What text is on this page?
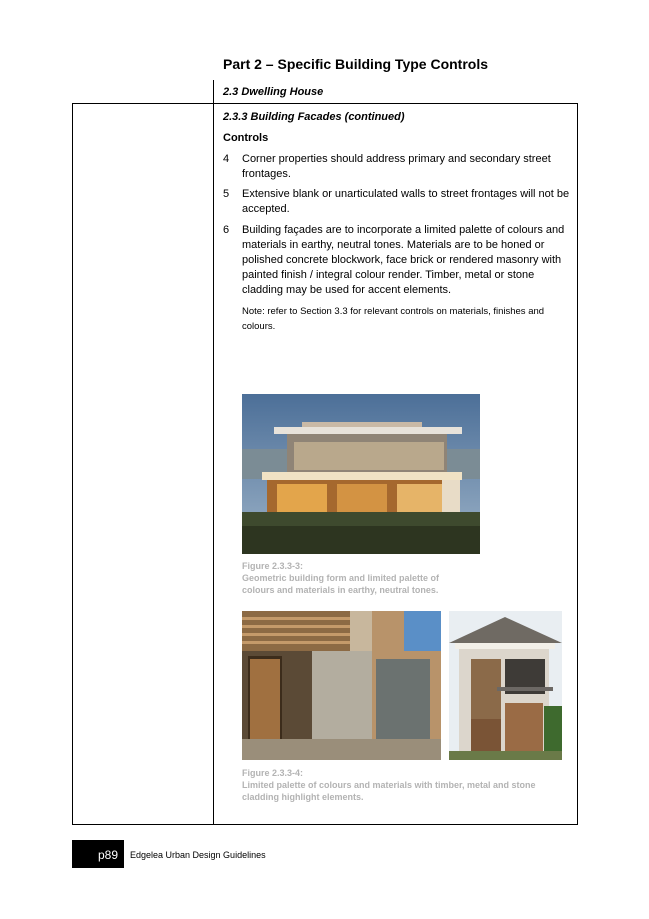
Part 2 – Specific Building Type Controls
2.3 Dwelling House
2.3.3 Building Facades (continued)
Controls
4 Corner properties should address primary and secondary street frontages.
5 Extensive blank or unarticulated walls to street frontages will not be accepted.
6 Building façades are to incorporate a limited palette of colours and materials in earthy, neutral tones. Materials are to be honed or polished concrete blockwork, face brick or rendered masonry with painted finish / integral colour render. Timber, metal or stone cladding may be used for accent elements.
Note: refer to Section 3.3 for relevant controls on materials, finishes and colours.
Figure 2.3.3-3:
Geometric building form and limited palette of colours and materials in earthy, neutral tones.
Figure 2.3.3-4:
Limited palette of colours and materials with timber, metal and stone cladding highlight elements.
p89	Edgelea Urban Design Guidelines
